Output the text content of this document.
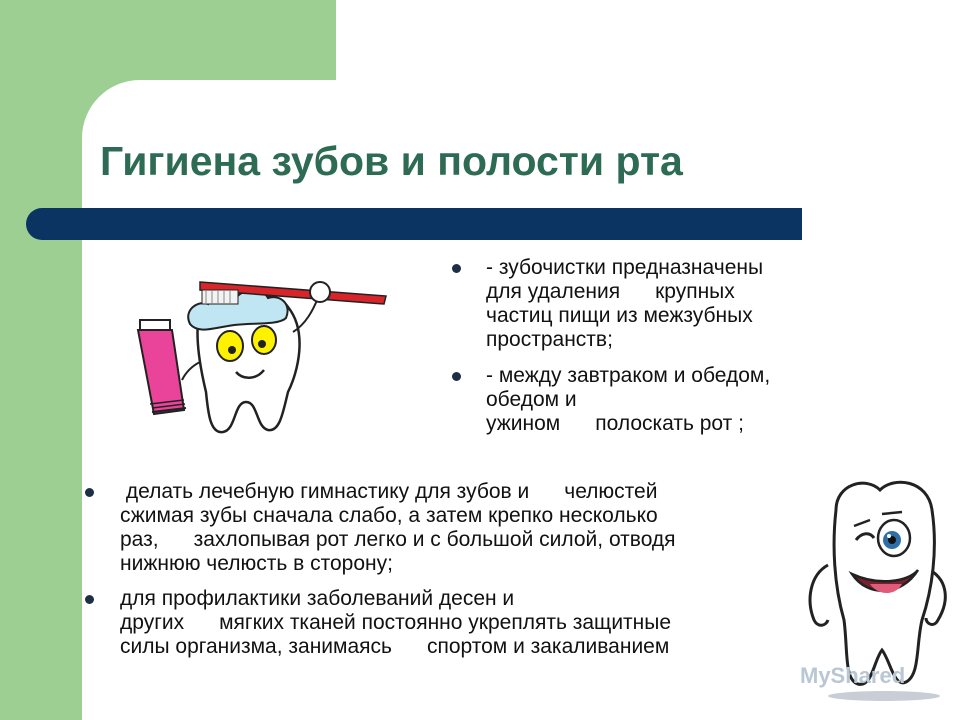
Гигиена зубов и полости рта
- зубочистки предназначены
для удаления      крупных
частиц пищи из межзубных
пространств;
- между завтраком и обедом,
обедом и
ужином      полоскать рот ;
делать лечебную гимнастику для зубов и      челюстей
сжимая зубы сначала слабо, а затем крепко несколько
раз,      захлопывая рот легко и с большой силой, отводя
нижнюю челюсть в сторону;
для профилактики заболеваний десен и
других      мягких тканей постоянно укреплять защитные
силы организма, занимаясь      спортом и закаливанием
MyShared
